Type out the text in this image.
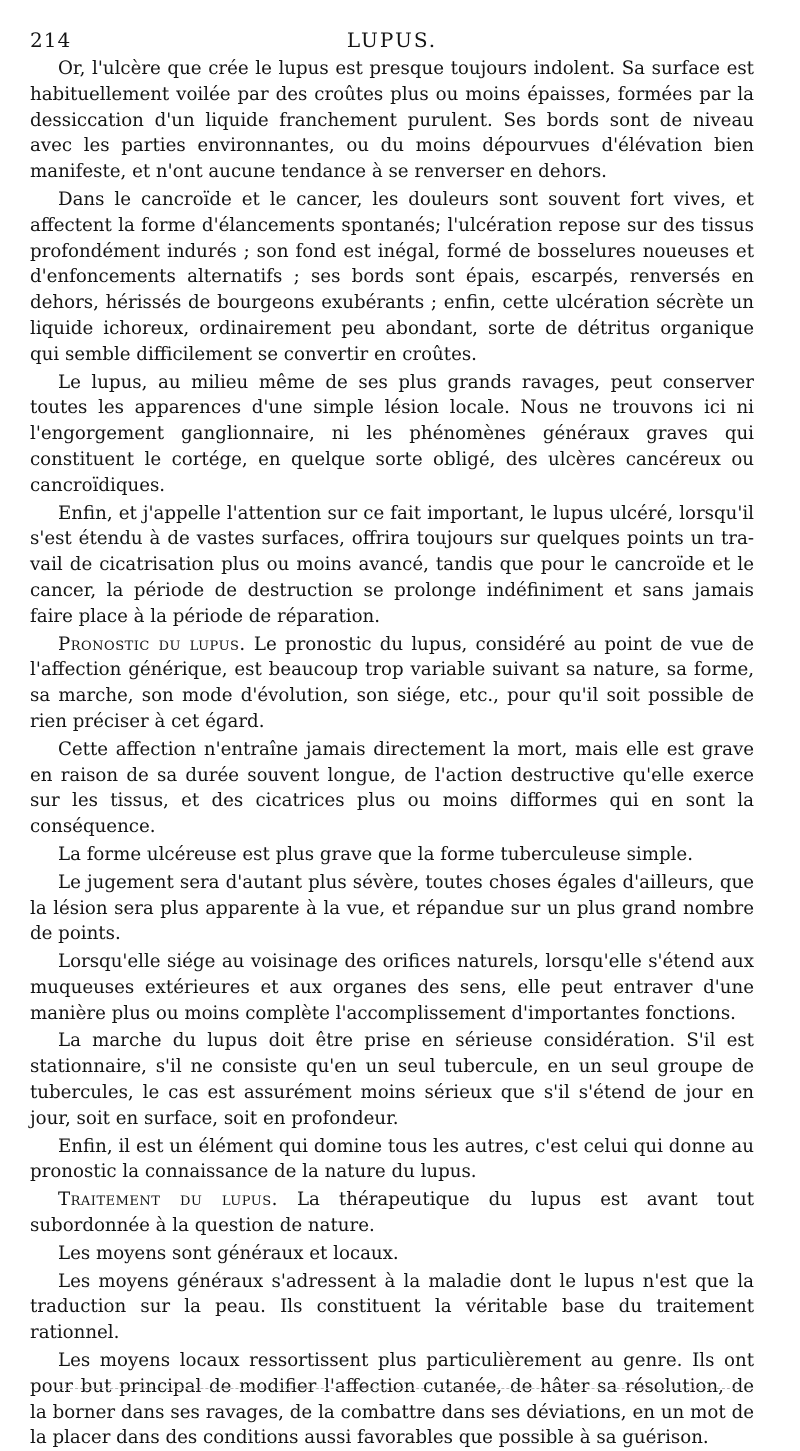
214	LUPUS.

Or, l'ulcère que crée le lupus est presque toujours indolent. Sa surface est habituellement voilée par des croûtes plus ou moins épaisses, formées par la dessiccation d'un liquide franchement purulent. Ses bords sont de niveau avec les parties environnantes, ou du moins dépourvues d'élévation bien manifeste, et n'ont aucune tendance à se renverser en dehors.

Dans le cancroïde et le cancer, les douleurs sont souvent fort vives, et affectent la forme d'élancements spontanés; l'ulcération repose sur des tissus profondément indurés ; son fond est inégal, formé de bosselures noueuses et d'enfoncements alternatifs ; ses bords sont épais, escarpés, renversés en dehors, hérissés de bourgeons exubérants ; enfin, cette ulcération sécrète un liquide ichoreux, ordinairement peu abondant, sorte de détritus organique qui semble difficilement se convertir en croûtes.

Le lupus, au milieu même de ses plus grands ravages, peut conserver toutes les apparences d'une simple lésion locale. Nous ne trouvons ici ni l'engorgement ganglionnaire, ni les phénomènes généraux graves qui constituent le cortége, en quelque sorte obligé, des ulcères cancéreux ou cancroïdiques.

Enfin, et j'appelle l'attention sur ce fait important, le lupus ulcéré, lorsqu'il s'est étendu à de vastes surfaces, offrira toujours sur quelques points un travail de cicatrisation plus ou moins avancé, tandis que pour le cancroïde et le cancer, la période de destruction se prolonge indéfiniment et sans jamais faire place à la période de réparation.

Pronostic du lupus. Le pronostic du lupus, considéré au point de vue de l'affection générique, est beaucoup trop variable suivant sa nature, sa forme, sa marche, son mode d'évolution, son siége, etc., pour qu'il soit possible de rien préciser à cet égard.

Cette affection n'entraîne jamais directement la mort, mais elle est grave en raison de sa durée souvent longue, de l'action destructive qu'elle exerce sur les tissus, et des cicatrices plus ou moins difformes qui en sont la conséquence.

La forme ulcéreuse est plus grave que la forme tuberculeuse simple.

Le jugement sera d'autant plus sévère, toutes choses égales d'ailleurs, que la lésion sera plus apparente à la vue, et répandue sur un plus grand nombre de points.

Lorsqu'elle siége au voisinage des orifices naturels, lorsqu'elle s'étend aux muqueuses extérieures et aux organes des sens, elle peut entraver d'une manière plus ou moins complète l'accomplissement d'importantes fonctions.

La marche du lupus doit être prise en sérieuse considération. S'il est stationnaire, s'il ne consiste qu'en un seul tubercule, en un seul groupe de tubercules, le cas est assurément moins sérieux que s'il s'étend de jour en jour, soit en surface, soit en profondeur.

Enfin, il est un élément qui domine tous les autres, c'est celui qui donne au pronostic la connaissance de la nature du lupus.

Traitement du lupus. La thérapeutique du lupus est avant tout subordonnée à la question de nature.

Les moyens sont généraux et locaux.

Les moyens généraux s'adressent à la maladie dont le lupus n'est que la traduction sur la peau. Ils constituent la véritable base du traitement rationnel.

Les moyens locaux ressortissent plus particulièrement au genre. Ils ont pour but principal de modifier l'affection cutanée, de hâter sa résolution, de la borner dans ses ravages, de la combattre dans ses déviations, en un mot de la placer dans des conditions aussi favorables que possible à sa guérison.
